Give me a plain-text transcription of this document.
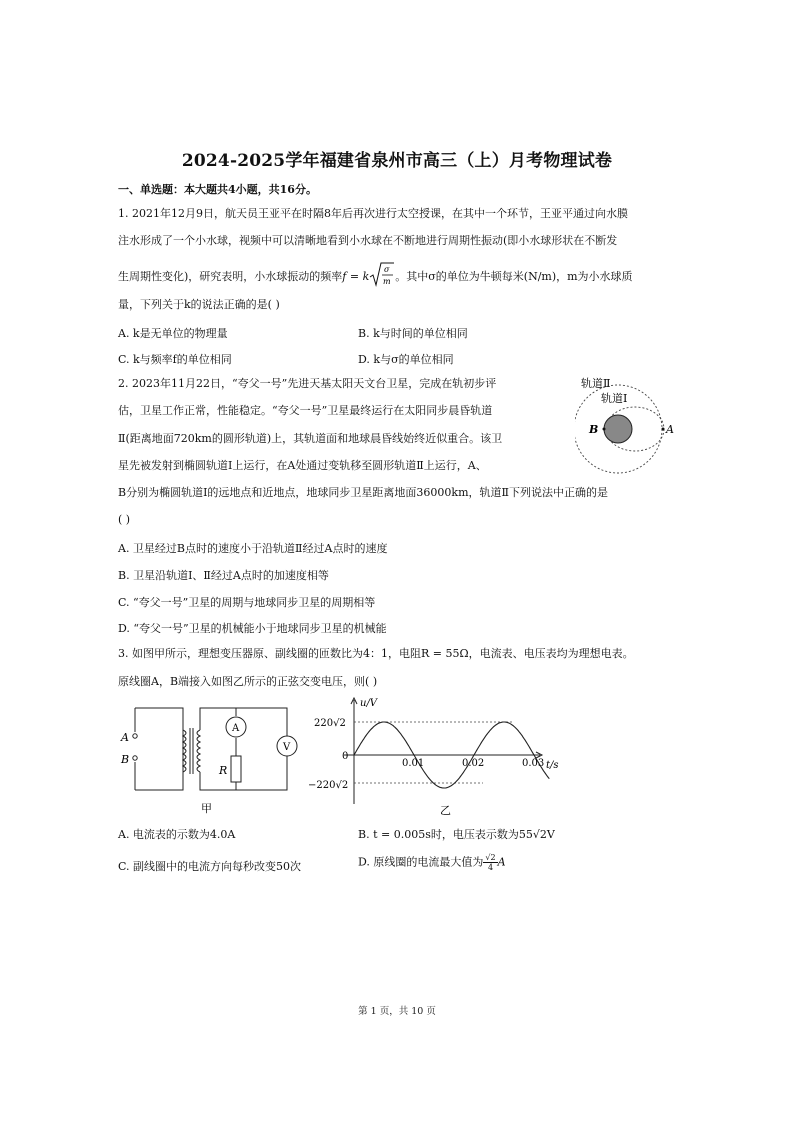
2024-2025学年福建省泉州市高三（上）月考物理试卷
一、单选题：本大题共4小题，共16分。
1. 2021年12月9日，航天员王亚平在时隔8年后再次进行太空授课，在其中一个环节，王亚平通过向水膜
注水形成了一个小水球，视频中可以清晰地看到小水球在不断地进行周期性振动(即小水球形状在不断发
生周期性变化)，研究表明，小水球振动的频率f = k
σ
m 。其中σ的单位为牛顿每米(N/m)，m为小水球质
量，下列关于k的说法正确的是( )
A. k是无单位的物理量	B. k与时间的单位相同
C. k与频率f的单位相同	D. k与σ的单位相同
2. 2023年11月22日，“夸父一号”先进天基太阳天文台卫星，完成在轨初步评
估，卫星工作正常，性能稳定。“夸父一号”卫星最终运行在太阳同步晨昏轨道
Ⅱ(距离地面720km的圆形轨道)上，其轨道面和地球晨昏线始终近似重合。该卫
星先被发射到椭圆轨道Ⅰ上运行，在A处通过变轨移至圆形轨道Ⅱ上运行，A、
B分别为椭圆轨道Ⅰ的远地点和近地点，地球同步卫星距离地面36000km，轨道Ⅱ下列说法中正确的是
( )
轨道Ⅱ
轨道Ⅰ
B	A
A. 卫星经过B点时的速度小于沿轨道Ⅱ经过A点时的速度
B. 卫星沿轨道Ⅰ、Ⅱ经过A点时的加速度相等
C. “夸父一号”卫星的周期与地球同步卫星的周期相等
D. “夸父一号”卫星的机械能小于地球同步卫星的机械能
3. 如图甲所示，理想变压器原、副线圈的匝数比为4：1，电阻R = 55Ω，电流表、电压表均为理想电表。
原线圈A，B端接入如图乙所示的正弦交变电压，则( )
A
B
A
V
R
甲
u/V
t/s
220√2
0
−220√2
0.01	0.02	0.03
乙
A. 电流表的示数为4.0A	B. t = 0.005s时，电压表示数为55√2V
C. 副线圈中的电流方向每秒改变50次	D. 原线圈的电流最大值为 $\frac{√2}{4}$ A
第 1 页，共 10 页
